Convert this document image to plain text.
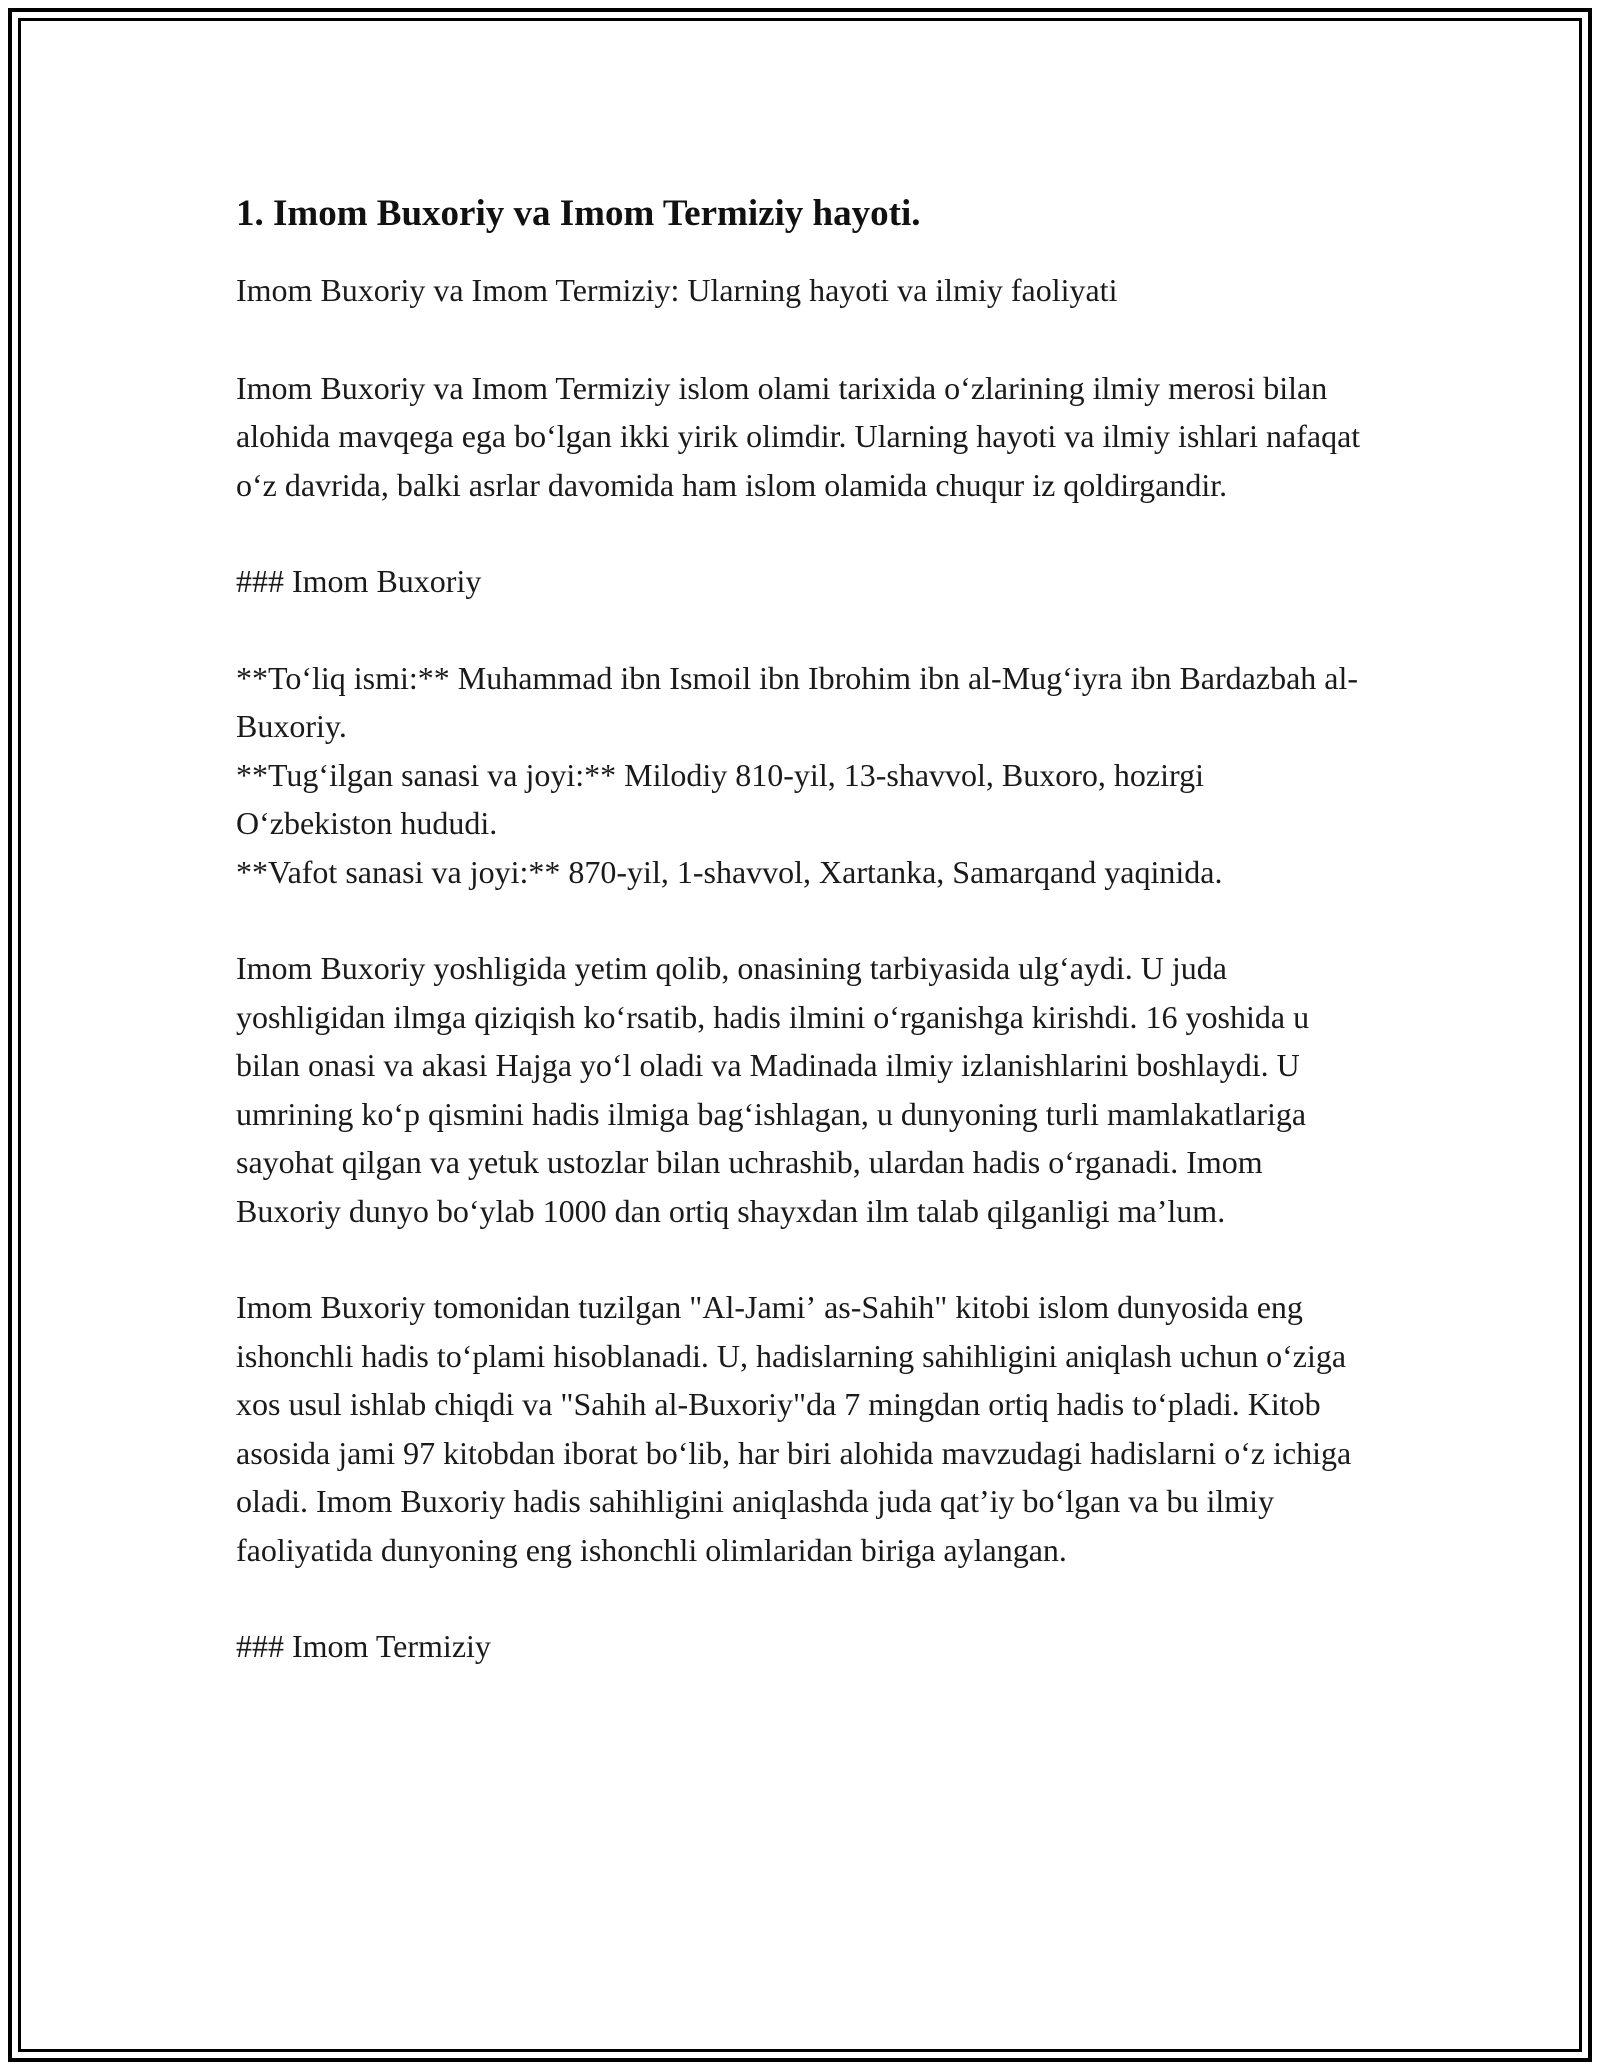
1. Imom Buxoriy va Imom Termiziy hayoti.

Imom Buxoriy va Imom Termiziy: Ularning hayoti va ilmiy faoliyati

Imom Buxoriy va Imom Termiziy islom olami tarixida oʻzlarining ilmiy merosi bilan alohida mavqega ega boʻlgan ikki yirik olimdir. Ularning hayoti va ilmiy ishlari nafaqat oʻz davrida, balki asrlar davomida ham islom olamida chuqur iz qoldirgandir.

### Imom Buxoriy

**Toʻliq ismi:** Muhammad ibn Ismoil ibn Ibrohim ibn al-Mugʻiyra ibn Bardazbah al-Buxoriy.
**Tugʻilgan sanasi va joyi:** Milodiy 810-yil, 13-shavvol, Buxoro, hozirgi Oʻzbekiston hududi.
**Vafot sanasi va joyi:** 870-yil, 1-shavvol, Xartanka, Samarqand yaqinida.

Imom Buxoriy yoshligida yetim qolib, onasining tarbiyasida ulgʻaydi. U juda yoshligidan ilmga qiziqish koʻrsatib, hadis ilmini oʻrganishga kirishdi. 16 yoshida u bilan onasi va akasi Hajga yoʻl oladi va Madinada ilmiy izlanishlarini boshlaydi. U umrining koʻp qismini hadis ilmiga bagʻishlagan, u dunyoning turli mamlakatlariga sayohat qilgan va yetuk ustozlar bilan uchrashib, ulardan hadis oʻrganadi. Imom Buxoriy dunyo boʻylab 1000 dan ortiq shayxdan ilm talab qilganligi maʼlum.

Imom Buxoriy tomonidan tuzilgan "Al-Jamiʼ as-Sahih" kitobi islom dunyosida eng ishonchli hadis toʻplami hisoblanadi. U, hadislarning sahihligini aniqlash uchun oʻziga xos usul ishlab chiqdi va "Sahih al-Buxoriy"da 7 mingdan ortiq hadis toʻpladi. Kitob asosida jami 97 kitobdan iborat boʻlib, har biri alohida mavzudagi hadislarni oʻz ichiga oladi. Imom Buxoriy hadis sahihligini aniqlashda juda qatʼiy boʻlgan va bu ilmiy faoliyatida dunyoning eng ishonchli olimlaridan biriga aylangan.

### Imom Termiziy
